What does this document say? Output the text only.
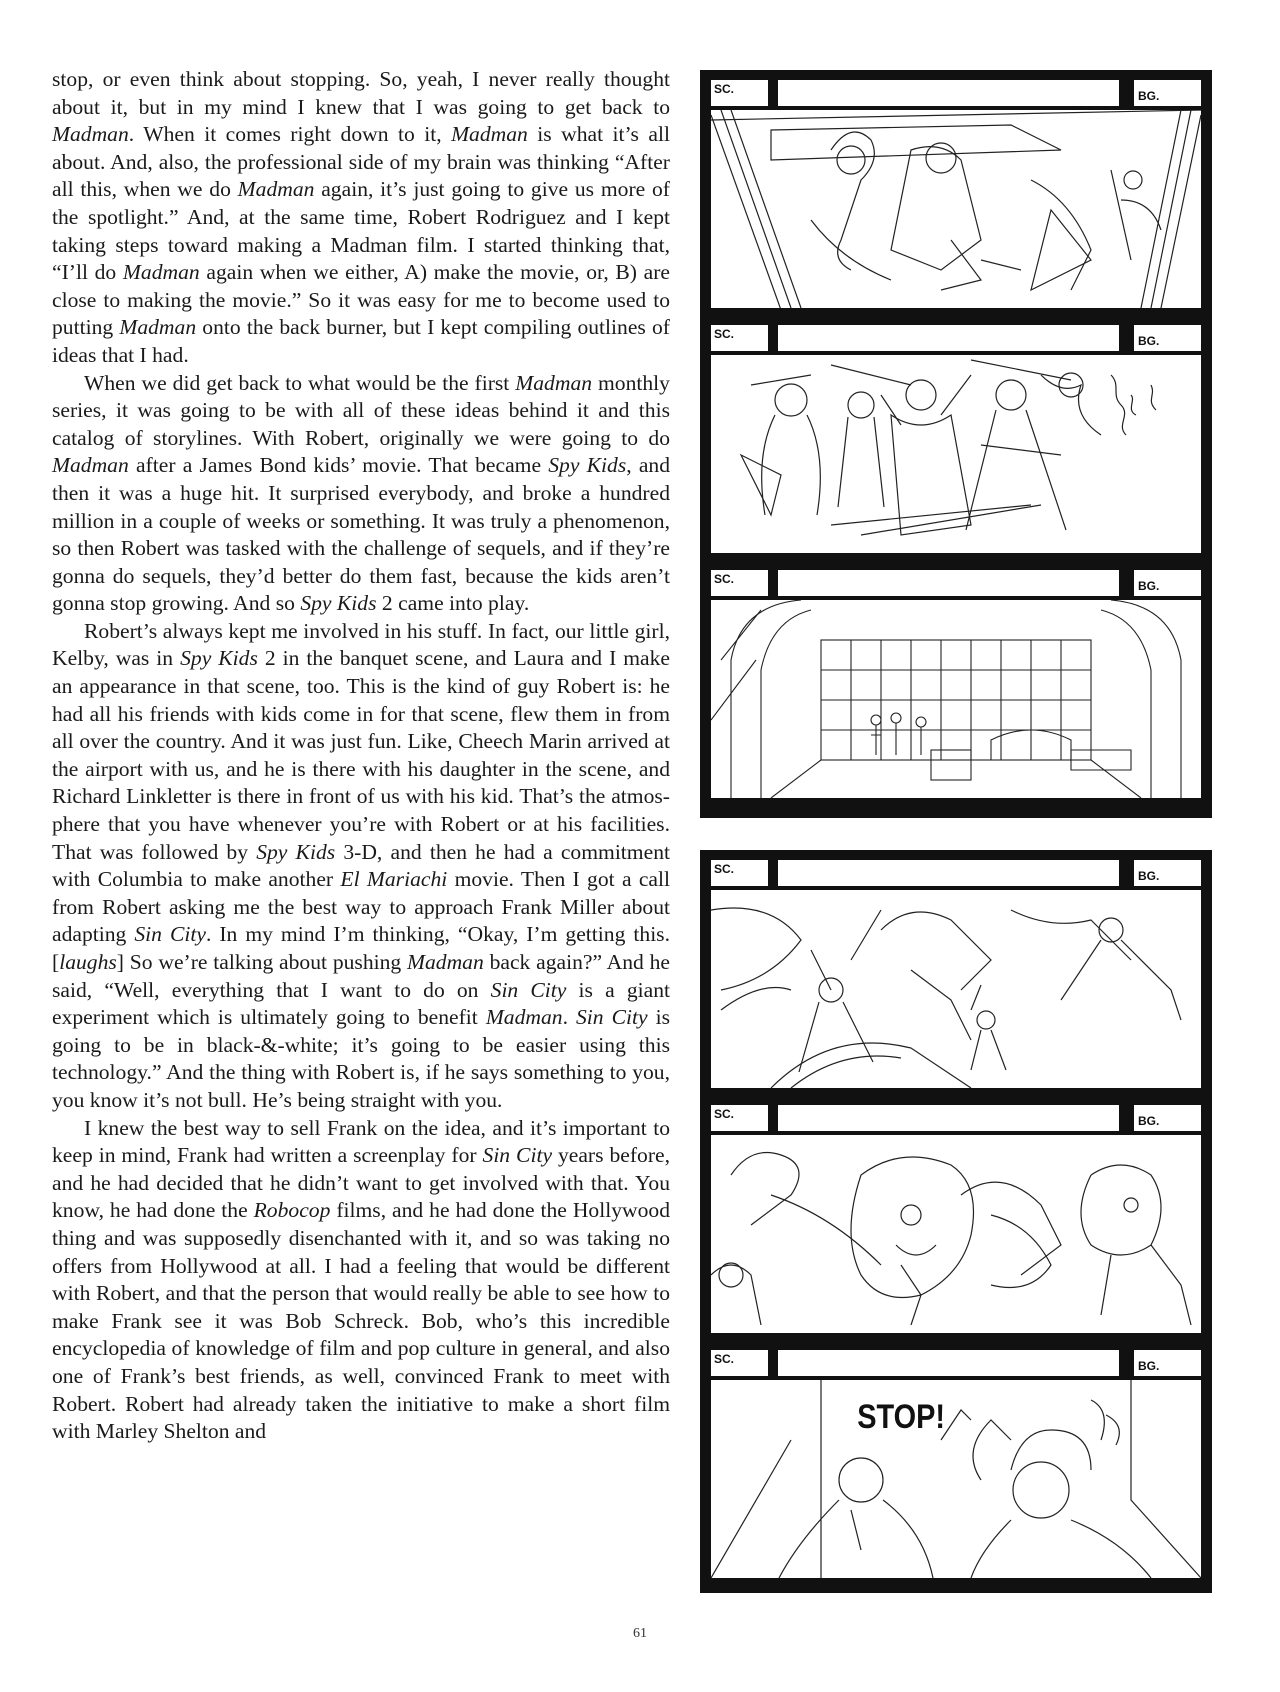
stop, or even think about stopping. So, yeah, I never really thought about it, but in my mind I knew that I was going to get back to Madman. When it comes right down to it, Madman is what it’s all about. And, also, the professional side of my brain was thinking “After all this, when we do Madman again, it’s just going to give us more of the spotlight.” And, at the same time, Robert Rodriguez and I kept taking steps toward making a Madman film. I started thinking that, “I’ll do Madman again when we either, A) make the movie, or, B) are close to making the movie.” So it was easy for me to become used to putting Madman onto the back burner, but I kept compiling outlines of ideas that I had.

When we did get back to what would be the first Madman monthly series, it was going to be with all of these ideas behind it and this catalog of storylines. With Robert, originally we were going to do Madman after a James Bond kids’ movie. That became Spy Kids, and then it was a huge hit. It surprised everybody, and broke a hundred million in a couple of weeks or something. It was truly a phenomenon, so then Robert was tasked with the challenge of sequels, and if they’re gonna do sequels, they’d better do them fast, because the kids aren’t gonna stop growing. And so Spy Kids 2 came into play.

Robert’s always kept me involved in his stuff. In fact, our little girl, Kelby, was in Spy Kids 2 in the banquet scene, and Laura and I make an appearance in that scene, too. This is the kind of guy Robert is: he had all his friends with kids come in for that scene, flew them in from all over the country. And it was just fun. Like, Cheech Marin arrived at the airport with us, and he is there with his daughter in the scene, and Richard Linkletter is there in front of us with his kid. That’s the atmosphere that you have whenever you’re with Robert or at his facilities. That was followed by Spy Kids 3-D, and then he had a commitment with Columbia to make another El Mariachi movie. Then I got a call from Robert asking me the best way to approach Frank Miller about adapting Sin City. In my mind I’m thinking, “Okay, I’m getting this. [laughs] So we’re talking about pushing Madman back again?” And he said, “Well, everything that I want to do on Sin City is a giant experiment which is ultimately going to benefit Madman. Sin City is going to be in black-&-white; it’s going to be easier using this technology.” And the thing with Robert is, if he says something to you, you know it’s not bull. He’s being straight with you.

I knew the best way to sell Frank on the idea, and it’s important to keep in mind, Frank had written a screenplay for Sin City years before, and he had decided that he didn’t want to get involved with that. You know, he had done the Robocop films, and he had done the Hollywood thing and was supposedly disenchanted with it, and so was taking no offers from Hollywood at all. I had a feeling that would be different with Robert, and that the person that would really be able to see how to make Frank see it was Bob Schreck. Bob, who’s this incredible encyclopedia of knowledge of film and pop culture in general, and also one of Frank’s best friends, as well, convinced Frank to meet with Robert. Robert had already taken the initiative to make a short film with Marley Shelton and

SC.	BG.
SC.	BG.
SC.	BG.
SC.	BG.
SC.	BG.
SC.	BG.
STOP!
61
